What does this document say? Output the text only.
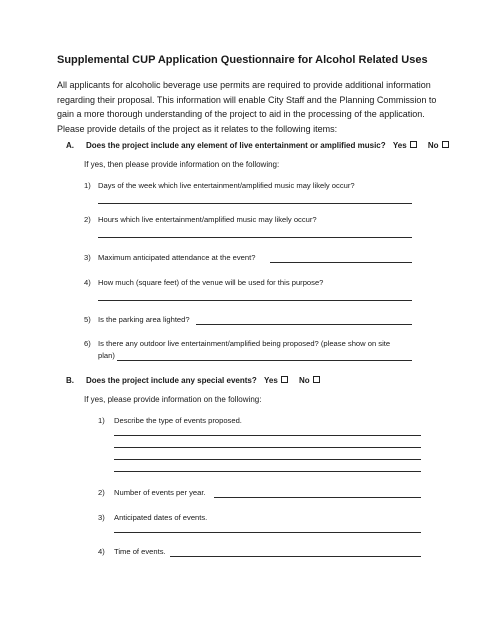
Supplemental CUP Application Questionnaire for Alcohol Related Uses
All applicants for alcoholic beverage use permits are required to provide additional information
regarding their proposal. This information will enable City Staff and the Planning Commission to
gain a more thorough understanding of the project to aid in the processing of the application.
Please provide details of the project as it relates to the following items:
A. Does the project include any element of live entertainment or amplified music? Yes	No
If yes, then please provide information on the following:
1) Days of the week which live entertainment/amplified music may likely occur?
2) Hours which live entertainment/amplified music may likely occur?
3) Maximum anticipated attendance at the event?
4) How much (square feet) of the venue will be used for this purpose?
5) Is the parking area lighted?
6) Is there any outdoor live entertainment/amplified being proposed? (please show on site
plan)
B. Does the project include any special events? Yes	No
If yes, please provide information on the following:
1) Describe the type of events proposed.
2) Number of events per year.
3) Anticipated dates of events.
4) Time of events.
